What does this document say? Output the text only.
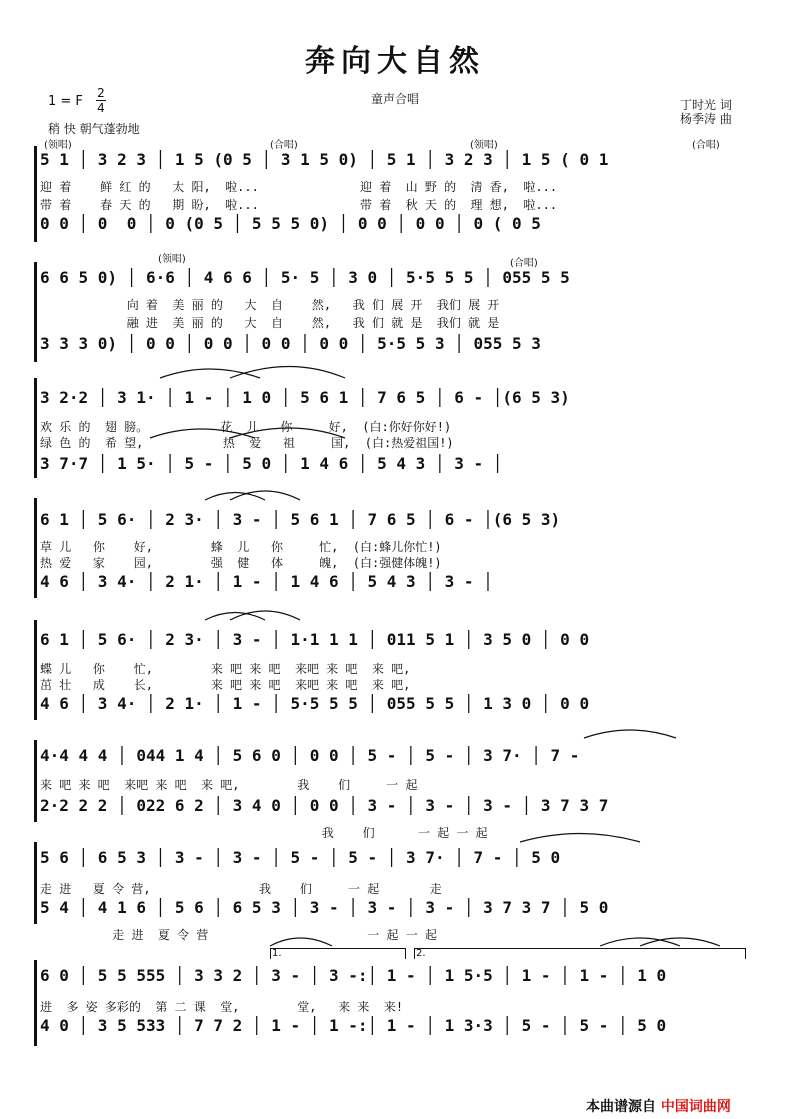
奔向大自然
童声合唱
1 = F
2
4
稍 快 朝气蓬勃地
丁时光 词
杨季涛 曲
(领唱)	(合唱)	(领唱)	(合唱)
5 1 │ 3 2 3 │ 1 5 (0 5 │ 3 1 5 0) │ 5 1 │ 3 2 3 │ 1 5 ( 0 1
迎 着    鲜 红 的   太 阳,  啦...              迎 着  山 野 的  清 香,  啦...
带 着    春 天 的   期 盼,  啦...              带 着  秋 天 的  理 想,  啦...
0 0 │ 0  0 │ 0 (0 5 │ 5 5 5 0) │ 0 0 │ 0 0 │ 0 ( 0 5
(领唱)	(合唱)
6 6 5 0) │ 6·6 │ 4 6 6 │ 5· 5 │ 3 0 │ 5·5 5 5 │ 055 5 5
向 着  美 丽 的   大  自    然,   我 们 展 开  我们 展 开
融 进  美 丽 的   大  自    然,   我 们 就 是  我们 就 是
3 3 3 0) │ 0 0 │ 0 0 │ 0 0 │ 0 0 │ 5·5 5 3 │ 055 5 3
3 2·2 │ 3 1· │ 1 - │ 1 0 │ 5 6 1 │ 7 6 5 │ 6 - │(6 5 3)
欢 乐 的  翅 膀。          花  儿   你     好,  (白:你好你好!)
绿 色 的  希 望,           热  爱   祖     国,  (白:热爱祖国!)
3 7·7 │ 1 5· │ 5 - │ 5 0 │ 1 4 6 │ 5 4 3 │ 3 - │
6 1 │ 5 6· │ 2 3· │ 3 - │ 5 6 1 │ 7 6 5 │ 6 - │(6 5 3)
草 儿   你    好,        蜂  儿   你     忙,  (白:蜂儿你忙!)
热 爱   家    园,        强  健   体     魄,  (白:强健体魄!)
4 6 │ 3 4· │ 2 1· │ 1 - │ 1 4 6 │ 5 4 3 │ 3 - │
6 1 │ 5 6· │ 2 3· │ 3 - │ 1·1 1 1 │ 011 5 1 │ 3 5 0 │ 0 0
蝶 儿   你    忙,        来 吧 来 吧  来吧 来 吧  来 吧,
茁 壮   成    长,        来 吧 来 吧  来吧 来 吧  来 吧,
4 6 │ 3 4· │ 2 1· │ 1 - │ 5·5 5 5 │ 055 5 5 │ 1 3 0 │ 0 0
4·4 4 4 │ 044 1 4 │ 5 6 0 │ 0 0 │ 5 - │ 5 - │ 3 7· │ 7 -
来 吧 来 吧  来吧 来 吧  来 吧,        我    们     一 起
2·2 2 2 │ 022 6 2 │ 3 4 0 │ 0 0 │ 3 - │ 3 - │ 3 - │ 3 7 3 7
我    们      一 起 一 起
5 6 │ 6 5 3 │ 3 - │ 3 - │ 5 - │ 5 - │ 3 7· │ 7 - │ 5 0
走 进   夏 令 营,               我    们     一 起       走
5 4 │ 4 1 6 │ 5 6 │ 6 5 3 │ 3 - │ 3 - │ 3 - │ 3 7 3 7 │ 5 0
走 进  夏 令 营                      一 起 一 起
1.	2.
6 0 │ 5 5 555 │ 3 3 2 │ 3 - │ 3 -:│ 1 - │ 1 5·5 │ 1 - │ 1 - │ 1 0
进  多 姿 多彩的  第 二 课  堂,        堂,   来 来  来!
4 0 │ 3 5 533 │ 7 7 2 │ 1 - │ 1 -:│ 1 - │ 1 3·3 │ 5 - │ 5 - │ 5 0
本曲谱源自 中国词曲网
